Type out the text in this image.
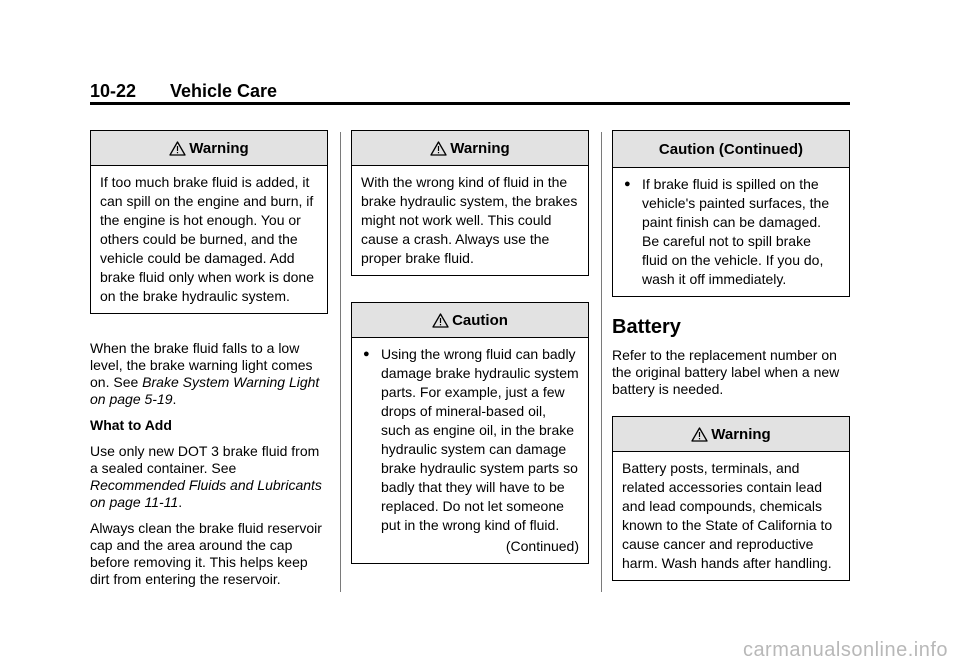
10-22 Vehicle Care
Warning

If too much brake fluid is added, it can spill on the engine and burn, if the engine is hot enough. You or others could be burned, and the vehicle could be damaged. Add brake fluid only when work is done on the brake hydraulic system.

When the brake fluid falls to a low level, the brake warning light comes on. See Brake System Warning Light on page 5-19.

What to Add

Use only new DOT 3 brake fluid from a sealed container. See Recommended Fluids and Lubricants on page 11-11.

Always clean the brake fluid reservoir cap and the area around the cap before removing it. This helps keep dirt from entering the reservoir.

Warning

With the wrong kind of fluid in the brake hydraulic system, the brakes might not work well. This could cause a crash. Always use the proper brake fluid.

Caution
● Using the wrong fluid can badly damage brake hydraulic system parts. For example, just a few drops of mineral-based oil, such as engine oil, in the brake hydraulic system can damage brake hydraulic system parts so badly that they will have to be replaced. Do not let someone put in the wrong kind of fluid.
(Continued)
Caution (Continued)
● If brake fluid is spilled on the vehicle's painted surfaces, the paint finish can be damaged. Be careful not to spill brake fluid on the vehicle. If you do, wash it off immediately.
Battery

Refer to the replacement number on the original battery label when a new battery is needed.

Warning

Battery posts, terminals, and related accessories contain lead and lead compounds, chemicals known to the State of California to cause cancer and reproductive harm. Wash hands after handling.

carmanualsonline.info
